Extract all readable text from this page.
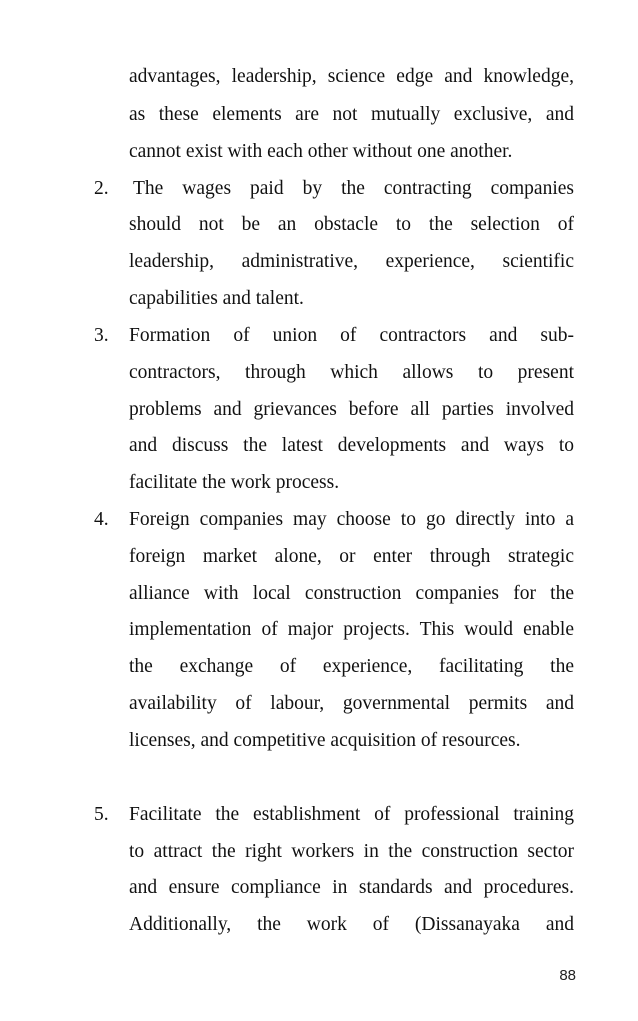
advantages, leadership, science edge and knowledge,
as these elements are not mutually exclusive, and
cannot exist with each other without one another.
2. The wages paid by the contracting companies
should not be an obstacle to the selection of
leadership, administrative, experience, scientific
capabilities and talent.
3. Formation of union of contractors and sub-
contractors, through which allows to present
problems and grievances before all parties involved
and discuss the latest developments and ways to
facilitate the work process.
4. Foreign companies may choose to go directly into a
foreign market alone, or enter through strategic
alliance with local construction companies for the
implementation of major projects. This would enable
the exchange of experience, facilitating the
availability of labour, governmental permits and
licenses, and competitive acquisition of resources.
5. Facilitate the establishment of professional training
to attract the right workers in the construction sector
and ensure compliance in standards and procedures.
Additionally, the work of (Dissanayaka and
88
